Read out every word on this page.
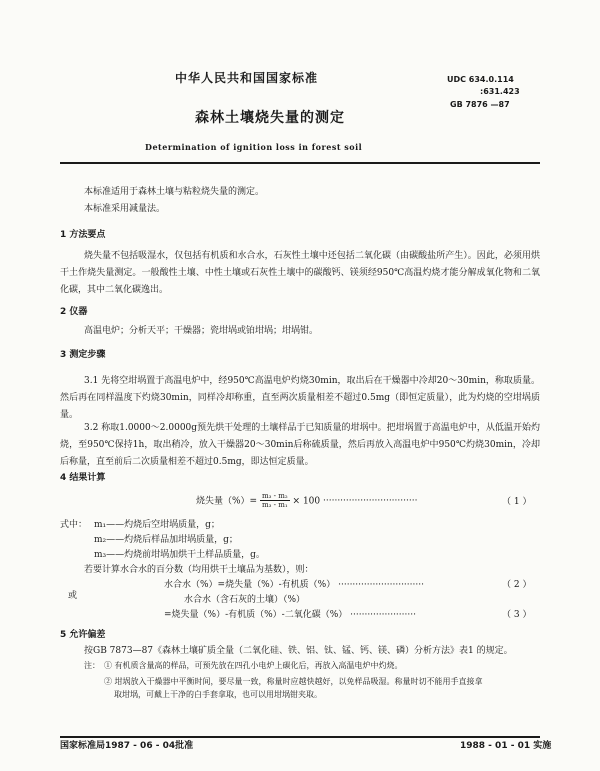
中华人民共和国国家标准	UDC 634.0.114
:631.423
GB 7876 —87
森林土壤烧失量的测定
Determination of ignition loss in forest soil
本标准适用于森林土壤与粘粒烧失量的测定。
本标准采用减量法。
1 方法要点
烧失量不包括吸湿水，仅包括有机质和水合水，石灰性土壤中还包括二氧化碳（由碳酸盐所产生）。因此，必须用烘干土作烧失量测定。一般酸性土壤、中性土壤或石灰性土壤中的碳酸钙、镁须经950℃高温灼烧才能分解成氧化物和二氧化碳，其中二氧化碳逸出。
2 仪器
高温电炉；分析天平；干燥器；瓷坩埚或铂坩埚；坩埚钳。
3 测定步骤
3.1 先将空坩埚置于高温电炉中，经950℃高温电炉灼烧30min，取出后在干燥器中冷却20～30min，称取质量。然后再在同样温度下灼烧30min，同样冷却称重，直至两次质量相差不超过0.5mg（即恒定质量），此为灼烧的空坩埚质量。
3.2 称取1.0000～2.0000g预先烘干处理的土壤样品于已知质量的坩埚中。把坩埚置于高温电炉中，从低温开始灼烧，至950℃保持1h，取出稍冷，放入干燥器20～30min后称硫质量，然后再放入高温电炉中950℃灼烧30min，冷却后称量，直至前后二次质量相差不超过0.5mg，即达恒定质量。
4 结果计算
烧失量（%）= $\frac{\text{m₃ - m₂}}{\text{m₃ - m₁}} \times 100$ ·································	（ 1 ）
式中： m₁——灼烧后空坩埚质量，g；
m₂——灼烧后样品加坩埚质量，g；
m₃——灼烧前坩埚加烘干土样品质量，g。
若要计算水合水的百分数（均用烘干土壤品为基数），则：
水合水（%）=烧失量（%）-有机质（%） ······························	（ 2 ）
或	水合水（含石灰的土壤）（%）
=烧失量（%）-有机质（%）-二氧化碳（%） ·······················	（ 3 ）
5 允许偏差
按GB 7873—87《森林土壤矿质全量（二氧化硅、铁、铝、钛、锰、钙、镁、磷）分析方法》表1 的规定。
注： ① 有机质含量高的样品，可预先放在四孔小电炉上碳化后，再放入高温电炉中灼烧。
② 坩埚放入干燥器中平衡时间，要尽量一致，称量时应越快越好，以免样品吸湿。称量时切不能用手直接拿
取坩埚，可戴上干净的白手套拿取，也可以用坩埚钳夹取。
国家标准局1987 - 06 - 04批准	1988 - 01 - 01 实施
